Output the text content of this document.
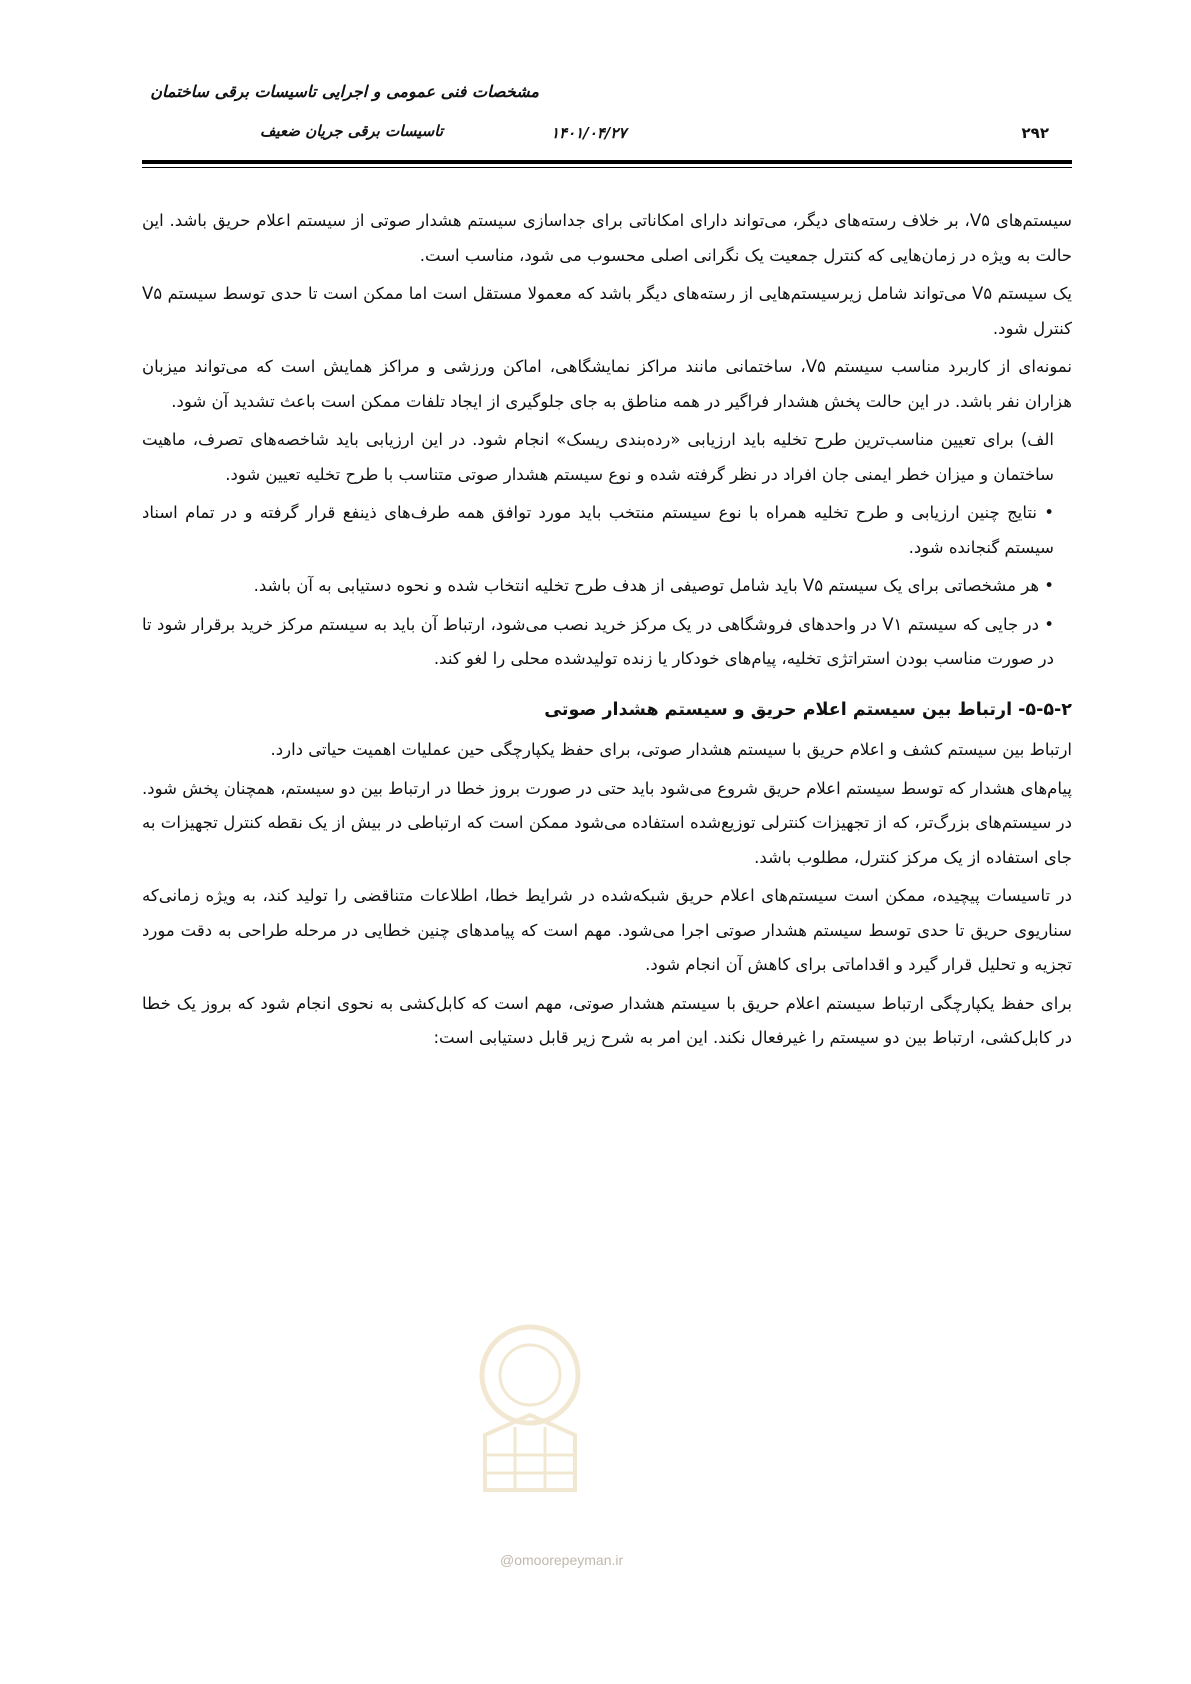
مشخصات فنی عمومی و اجرایی تاسیسات برقی ساختمان
تاسیسات برقی جریان ضعیف	۱۴۰۱/۰۴/۲۷	۲۹۲
@omoorepeyman.ir

سیستم‌های V۵، بر خلاف رسته‌های دیگر، می‌تواند دارای امکاناتی برای جداسازی سیستم هشدار صوتی از سیستم اعلام حریق باشد. این حالت به ویژه در زمان‌هایی که کنترل جمعیت یک نگرانی اصلی محسوب می شود، مناسب است.

یک سیستم V۵ می‌تواند شامل زیرسیستم‌هایی از رسته‌های دیگر باشد که معمولا مستقل است اما ممکن است تا حدی توسط سیستم V۵ کنترل شود.

نمونه‌ای از کاربرد مناسب سیستم V۵، ساختمانی مانند مراکز نمایشگاهی، اماکن ورزشی و مراکز همایش است که می‌تواند میزبان هزاران نفر باشد. در این حالت پخش هشدار فراگیر در همه مناطق به جای جلوگیری از ایجاد تلفات ممکن است باعث تشدید آن شود.

الف) برای تعیین مناسب‌ترین طرح تخلیه باید ارزیابی «رده‌بندی ریسک» انجام شود. در این ارزیابی باید شاخصه‌های تصرف، ماهیت ساختمان و میزان خطر ایمنی جان افراد در نظر گرفته شده و نوع سیستم هشدار صوتی متناسب با طرح تخلیه تعیین شود.

• نتایج چنین ارزیابی و طرح تخلیه همراه با نوع سیستم منتخب باید مورد توافق همه طرف‌های ذینفع قرار گرفته و در تمام اسناد سیستم گنجانده شود.

• هر مشخصاتی برای یک سیستم V۵ باید شامل توصیفی از هدف طرح تخلیه انتخاب شده و نحوه دستیابی به آن باشد.

• در جایی که سیستم V۱ در واحدهای فروشگاهی در یک مرکز خرید نصب می‌شود، ارتباط آن باید به سیستم مرکز خرید برقرار شود تا در صورت مناسب بودن استراتژی تخلیه، پیام‌های خودکار یا زنده تولیدشده محلی را لغو کند.

۵-۵-۲- ارتباط بین سیستم اعلام حریق و سیستم هشدار صوتی

ارتباط بین سیستم کشف و اعلام حریق با سیستم هشدار صوتی، برای حفظ یکپارچگی حین عملیات اهمیت حیاتی دارد.

پیام‌های هشدار که توسط سیستم اعلام حریق شروع می‌شود باید حتی در صورت بروز خطا در ارتباط بین دو سیستم، همچنان پخش شود. در سیستم‌های بزرگ‌تر، که از تجهیزات کنترلی توزیع‌شده استفاده می‌شود ممکن است که ارتباطی در بیش از یک نقطه کنترل تجهیزات به جای استفاده از یک مرکز کنترل، مطلوب باشد.

در تاسیسات پیچیده، ممکن است سیستم‌های اعلام حریق شبکه‌شده در شرایط خطا، اطلاعات متناقضی را تولید کند، به ویژه زمانی‌که سناریوی حریق تا حدی توسط سیستم هشدار صوتی اجرا می‌شود. مهم است که پیامدهای چنین خطایی در مرحله طراحی به دقت مورد تجزیه و تحلیل قرار گیرد و اقداماتی برای کاهش آن انجام شود.

برای حفظ یکپارچگی ارتباط سیستم اعلام حریق با سیستم هشدار صوتی، مهم است که کابل‌کشی به نحوی انجام شود که بروز یک خطا در کابل‌کشی، ارتباط بین دو سیستم را غیرفعال نکند. این امر به شرح زیر قابل دستیابی است:
